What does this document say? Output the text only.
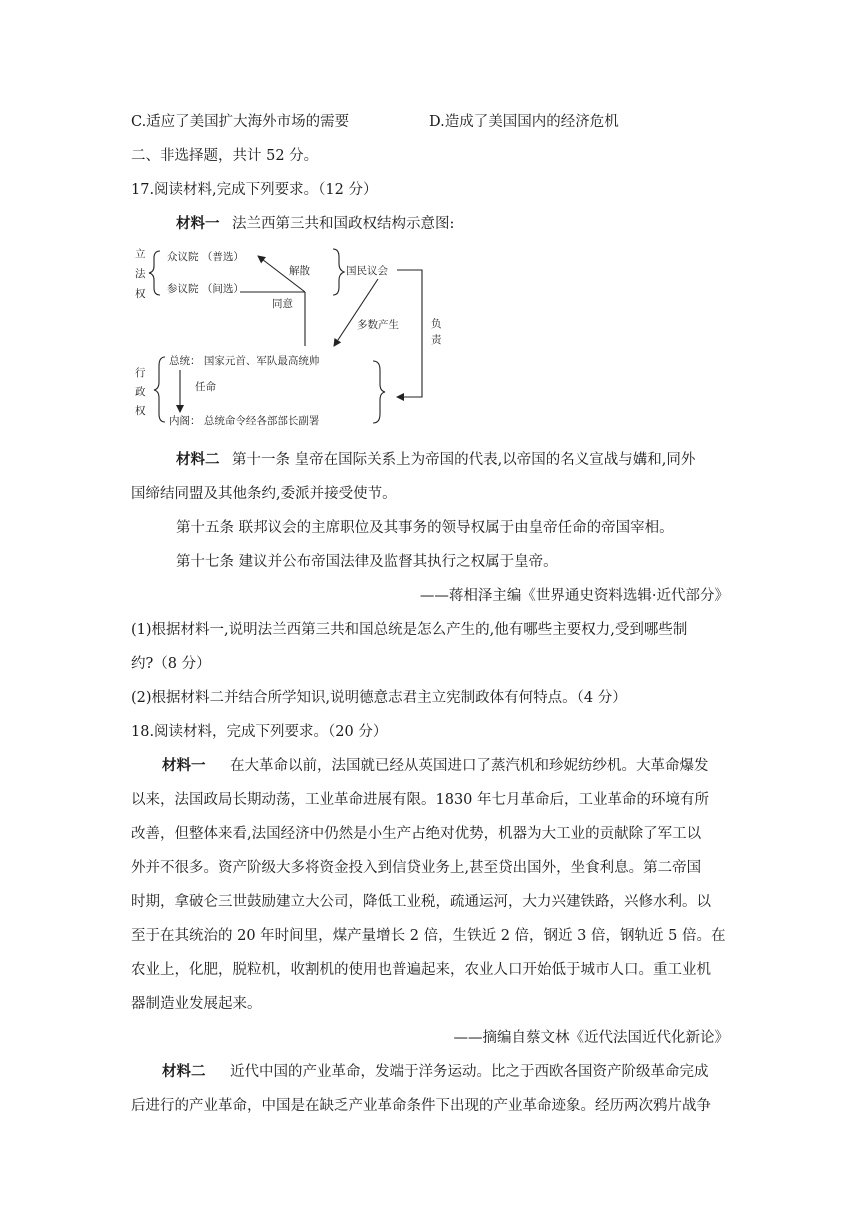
C.适应了美国扩大海外市场的需要	D.造成了美国国内的经济危机
二、非选择题，共计 52 分。
17.阅读材料,完成下列要求。（12 分）
材料一 法兰西第三共和国政权结构示意图:
立
法
权
众议院 （普选）
参议院 （间选）
解散
同意
国民议会
多数产生	负
责
行
政
权
总统： 国家元首、军队最高统帅
任命
内阁： 总统命令经各部部长副署
材料二 第十一条 皇帝在国际关系上为帝国的代表,以帝国的名义宣战与媾和,同外
国缔结同盟及其他条约,委派并接受使节。
第十五条 联邦议会的主席职位及其事务的领导权属于由皇帝任命的帝国宰相。
第十七条 建议并公布帝国法律及监督其执行之权属于皇帝。
——蒋相泽主编《世界通史资料选辑·近代部分》
(1)根据材料一,说明法兰西第三共和国总统是怎么产生的,他有哪些主要权力,受到哪些制
约?（8 分）
(2)根据材料二并结合所学知识,说明德意志君主立宪制政体有何特点。（4 分）
18.阅读材料，完成下列要求。（20 分）
材料一 在大革命以前，法国就已经从英国进口了蒸汽机和珍妮纺纱机。大革命爆发
以来，法国政局长期动荡，工业革命进展有限。1830 年七月革命后，工业革命的环境有所
改善，但整体来看,法国经济中仍然是小生产占绝对优势，机器为大工业的贡献除了军工以
外并不很多。资产阶级大多将资金投入到信贷业务上,甚至贷出国外，坐食利息。第二帝国
时期，拿破仑三世鼓励建立大公司，降低工业税，疏通运河，大力兴建铁路，兴修水利。以
至于在其统治的 20 年时间里，煤产量增长 2 倍，生铁近 2 倍，钢近 3 倍，钢轨近 5 倍。在
农业上，化肥，脱粒机，收割机的使用也普遍起来，农业人口开始低于城市人口。重工业机
器制造业发展起来。
——摘编自蔡文林《近代法国近代化新论》
材料二 近代中国的产业革命，发端于洋务运动。比之于西欧各国资产阶级革命完成
后进行的产业革命，中国是在缺乏产业革命条件下出现的产业革命迹象。经历两次鸦片战争
